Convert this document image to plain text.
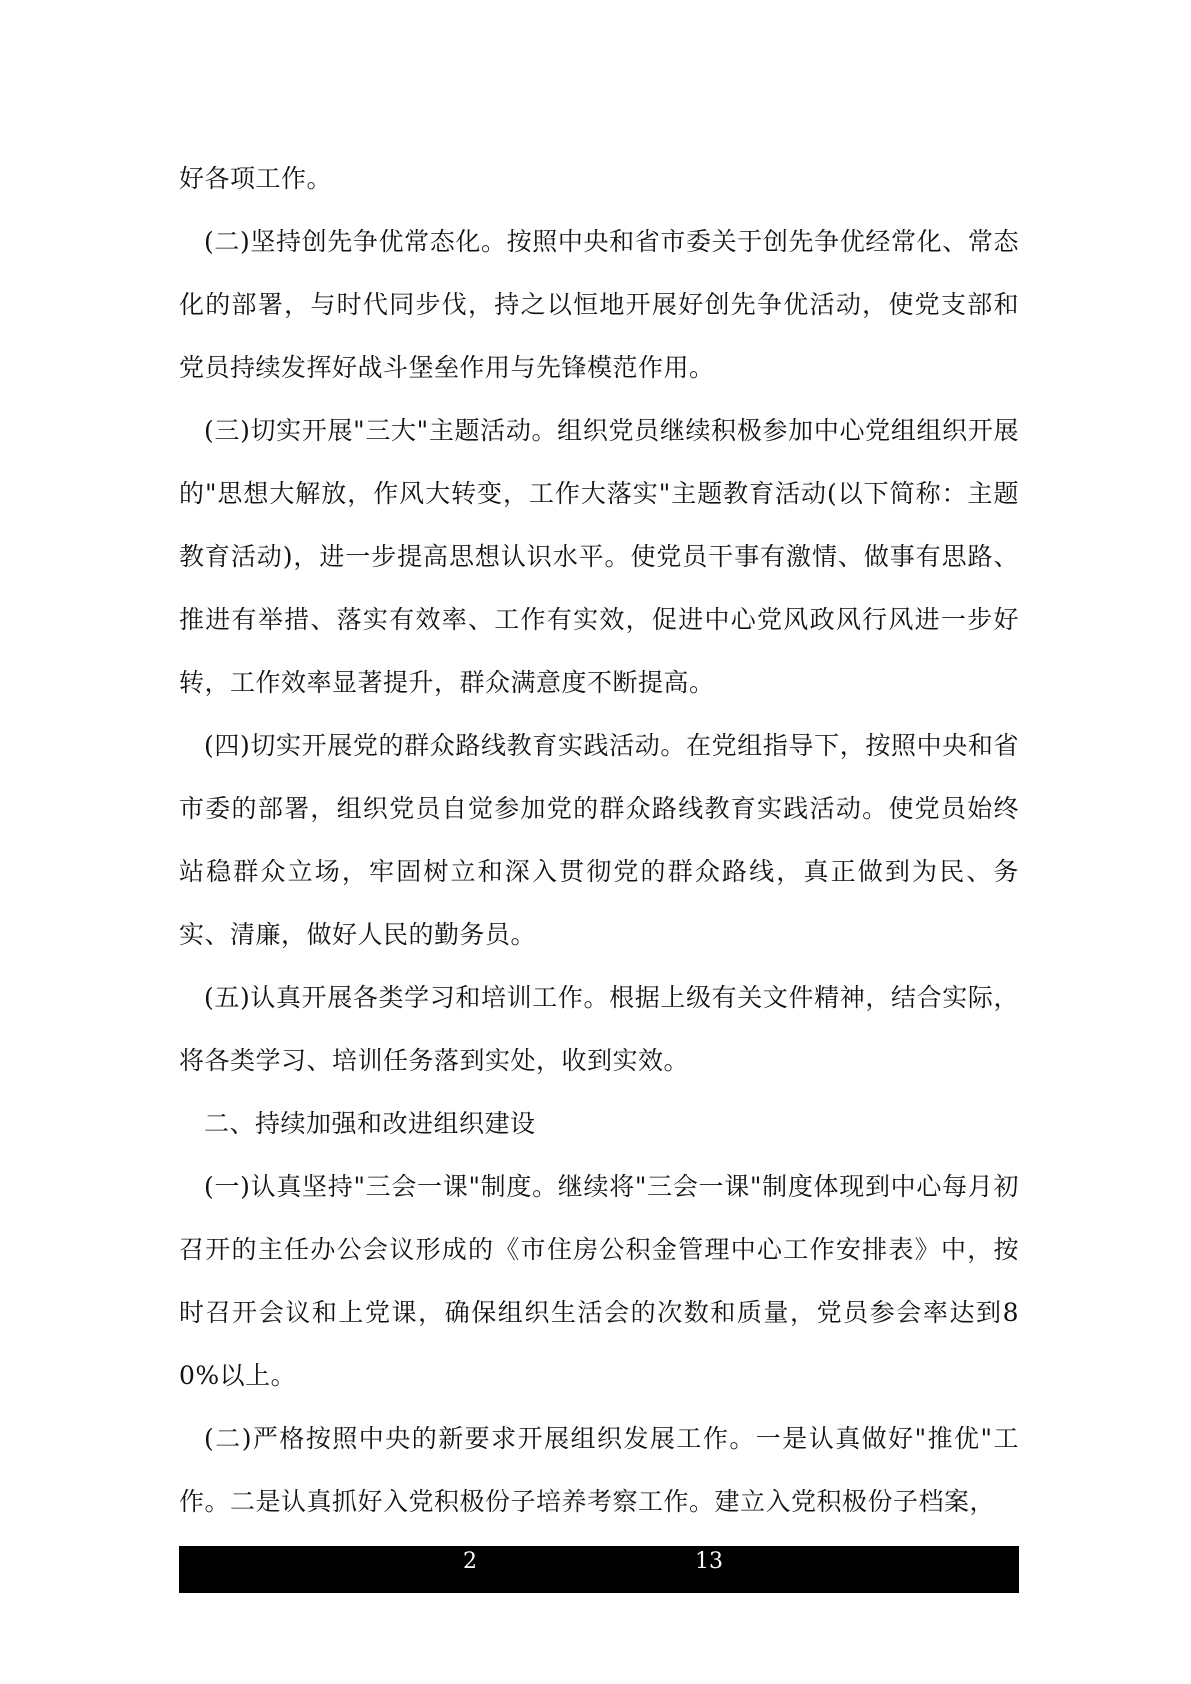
好各项工作。

(二)坚持创先争优常态化。按照中央和省市委关于创先争优经常化、常态化的部署，与时代同步伐，持之以恒地开展好创先争优活动，使党支部和党员持续发挥好战斗堡垒作用与先锋模范作用。

(三)切实开展"三大"主题活动。组织党员继续积极参加中心党组组织开展的"思想大解放，作风大转变，工作大落实"主题教育活动(以下简称：主题教育活动)，进一步提高思想认识水平。使党员干事有激情、做事有思路、推进有举措、落实有效率、工作有实效，促进中心党风政风行风进一步好转，工作效率显著提升，群众满意度不断提高。

(四)切实开展党的群众路线教育实践活动。在党组指导下，按照中央和省市委的部署，组织党员自觉参加党的群众路线教育实践活动。使党员始终站稳群众立场，牢固树立和深入贯彻党的群众路线，真正做到为民、务实、清廉，做好人民的勤务员。

(五)认真开展各类学习和培训工作。根据上级有关文件精神，结合实际，将各类学习、培训任务落到实处，收到实效。

二、持续加强和改进组织建设

(一)认真坚持"三会一课"制度。继续将"三会一课"制度体现到中心每月初召开的主任办公会议形成的《市住房公积金管理中心工作安排表》中，按时召开会议和上党课，确保组织生活会的次数和质量，党员参会率达到80%以上。

(二)严格按照中央的新要求开展组织发展工作。一是认真做好"推优"工作。二是认真抓好入党积极份子培养考察工作。建立入党积极份子档案，

2	13
